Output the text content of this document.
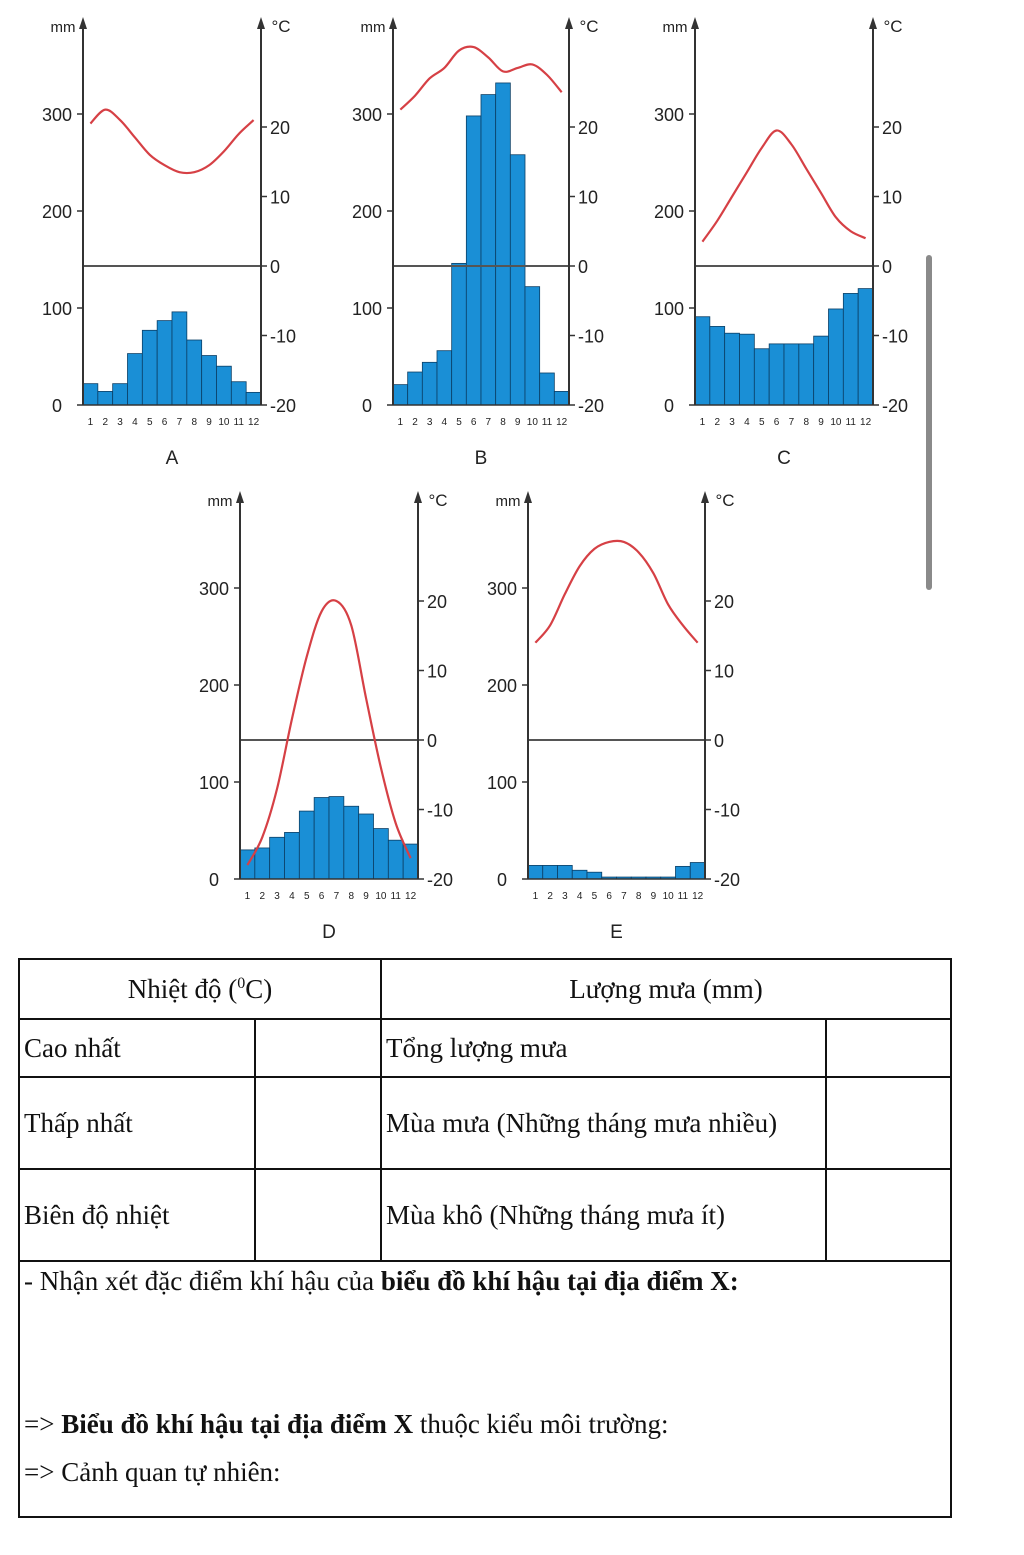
mm	°C
0
100
200
300
-20
-10
0
10
20
1 2 3 4 5 6 7 8 9 10 11 12
A
mm	°C
0
100
200
300
-20
-10
0
10
20
1 2 3 4 5 6 7 8 9 10 11 12
B
mm	°C
0
100
200
300
-20
-10
0
10
20
1 2 3 4 5 6 7 8 9 10 11 12
C
mm	°C
0
100
200
300
-20
-10
0
10
20
1 2 3 4 5 6 7 8 9 10 11 12
D
mm	°C
0
100
200
300
-20
-10
0
10
20
1 2 3 4 5 6 7 8 9 10 11 12
E
Nhiệt độ ($^0$C)		Lượng mưa (mm)	
Cao nhất		Tổng lượng mưa	
Thấp nhất		Mùa mưa (Những tháng mưa nhiều)	
Biên độ nhiệt		Mùa khô (Những tháng mưa ít)	

- Nhận xét đặc điểm khí hậu của biểu đồ khí hậu tại địa điểm X:

=> Biểu đồ khí hậu tại địa điểm X thuộc kiểu môi trường:

=> Cảnh quan tự nhiên:			
